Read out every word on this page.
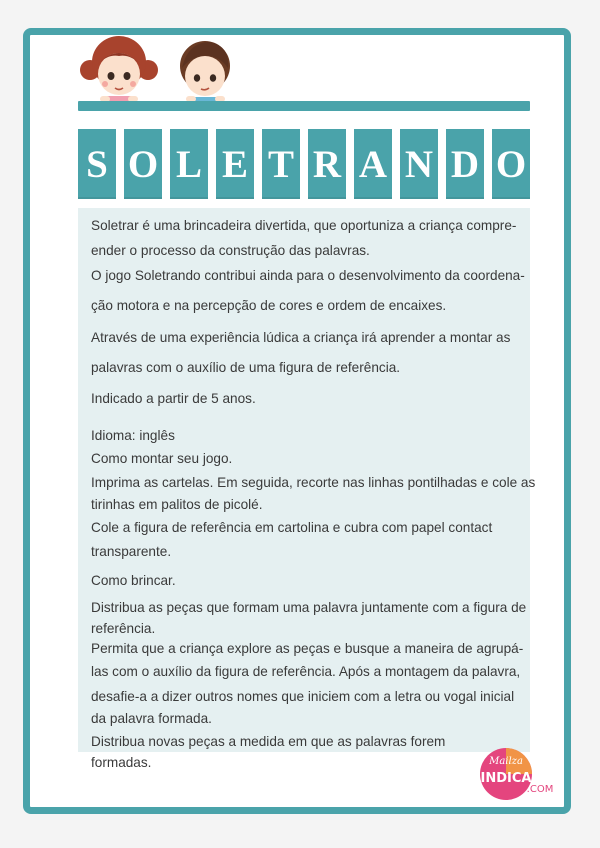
S O L E T R A N D O

Soletrar é uma brincadeira divertida, que oportuniza a criança compre-

ender o processo da construção das palavras.

O jogo Soletrando contribui ainda para o desenvolvimento da coordena-

ção motora e na percepção de cores e ordem de encaixes.

Através de uma experiência lúdica a criança irá aprender a montar as

palavras com o auxílio de uma figura de referência.

Indicado a partir de 5 anos.

Idioma: inglês

Como montar seu jogo.

Imprima as cartelas. Em seguida, recorte nas linhas pontilhadas e cole as

tirinhas em palitos de picolé.

Cole a figura de referência em cartolina e cubra com papel contact

transparente.

Como brincar.

Distribua as peças que formam uma palavra juntamente com a figura de

referência.

Permita que a criança explore as peças e busque a maneira de agrupá-

las com o auxílio da figura de referência. Após a montagem da palavra,

desafie-a a dizer outros nomes que iniciem com a letra ou vogal inicial

da palavra formada.

Distribua novas peças a medida em que as palavras forem

formadas.	Mailza
INDICA
.COM
